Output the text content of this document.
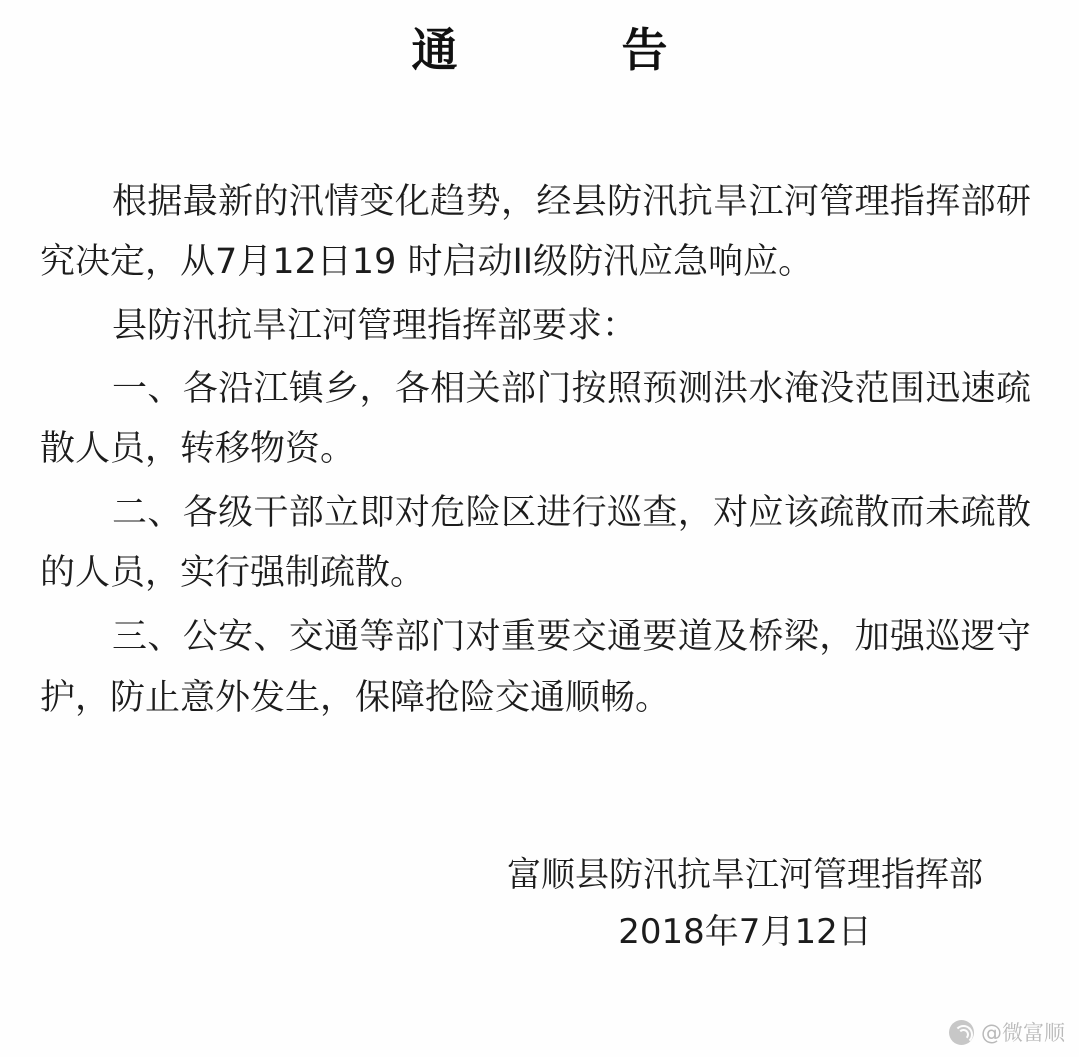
通　　告

根据最新的汛情变化趋势，经县防汛抗旱江河管理指挥部研究决定，从7月12日19 时启动II级防汛应急响应。

县防汛抗旱江河管理指挥部要求：

一、各沿江镇乡，各相关部门按照预测洪水淹没范围迅速疏散人员，转移物资。

二、各级干部立即对危险区进行巡查，对应该疏散而未疏散的人员，实行强制疏散。

三、公安、交通等部门对重要交通要道及桥梁，加强巡逻守护，防止意外发生，保障抢险交通顺畅。

富顺县防汛抗旱江河管理指挥部
2018年7月12日
@微富顺
